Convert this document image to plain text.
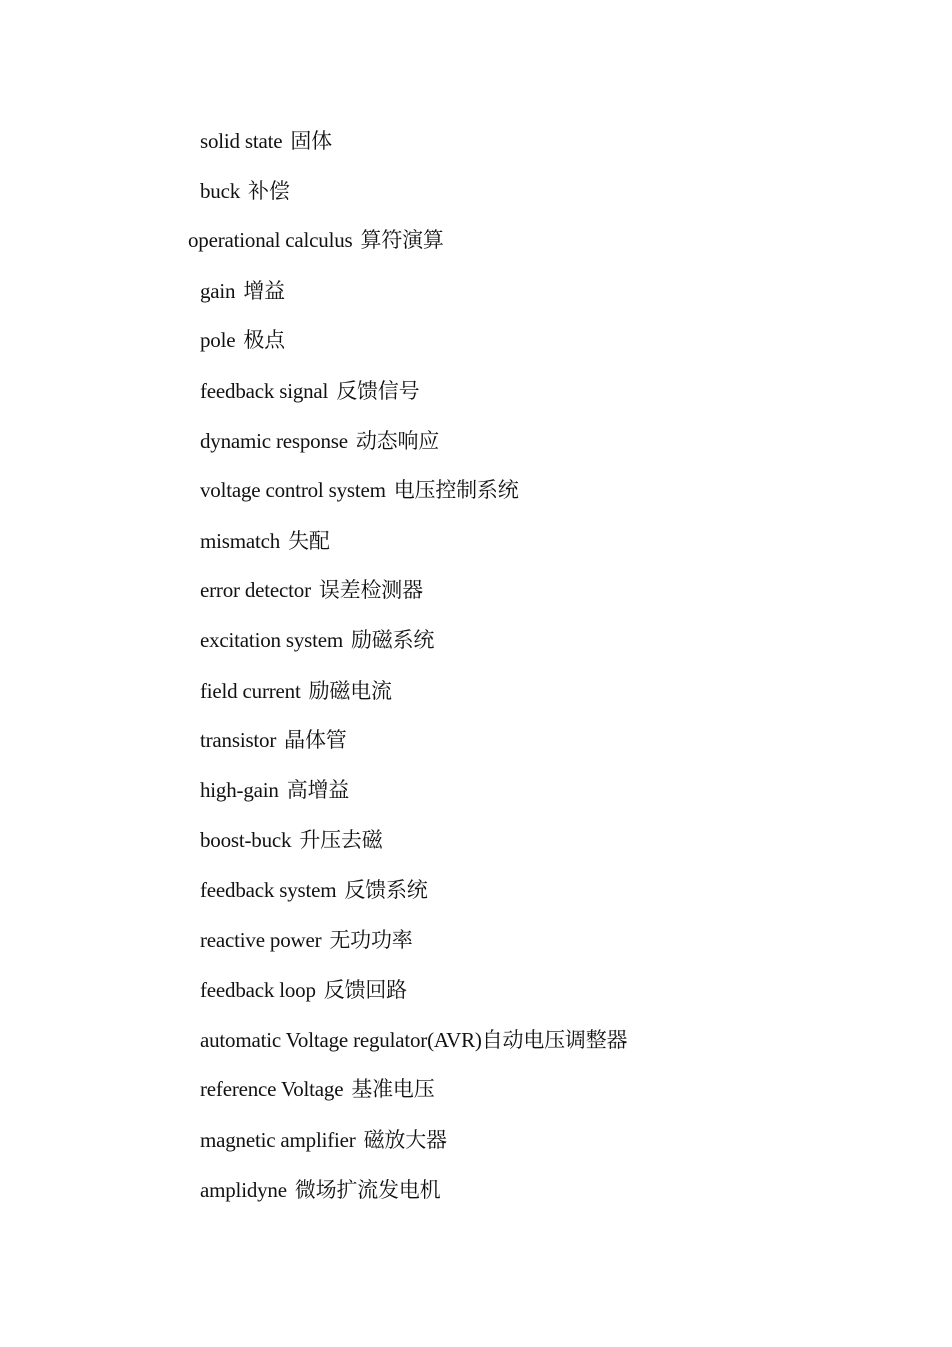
solid state 固体
buck 补偿
operational calculus 算符演算
gain 增益
pole 极点
feedback signal 反馈信号
dynamic response 动态响应
voltage control system 电压控制系统
mismatch 失配
error detector 误差检测器
excitation system 励磁系统
field current 励磁电流
transistor 晶体管
high-gain 高增益
boost-buck 升压去磁
feedback system 反馈系统
reactive power 无功功率
feedback loop 反馈回路
automatic Voltage regulator(AVR)自动电压调整器
reference Voltage 基准电压
magnetic amplifier 磁放大器
amplidyne 微场扩流发电机
